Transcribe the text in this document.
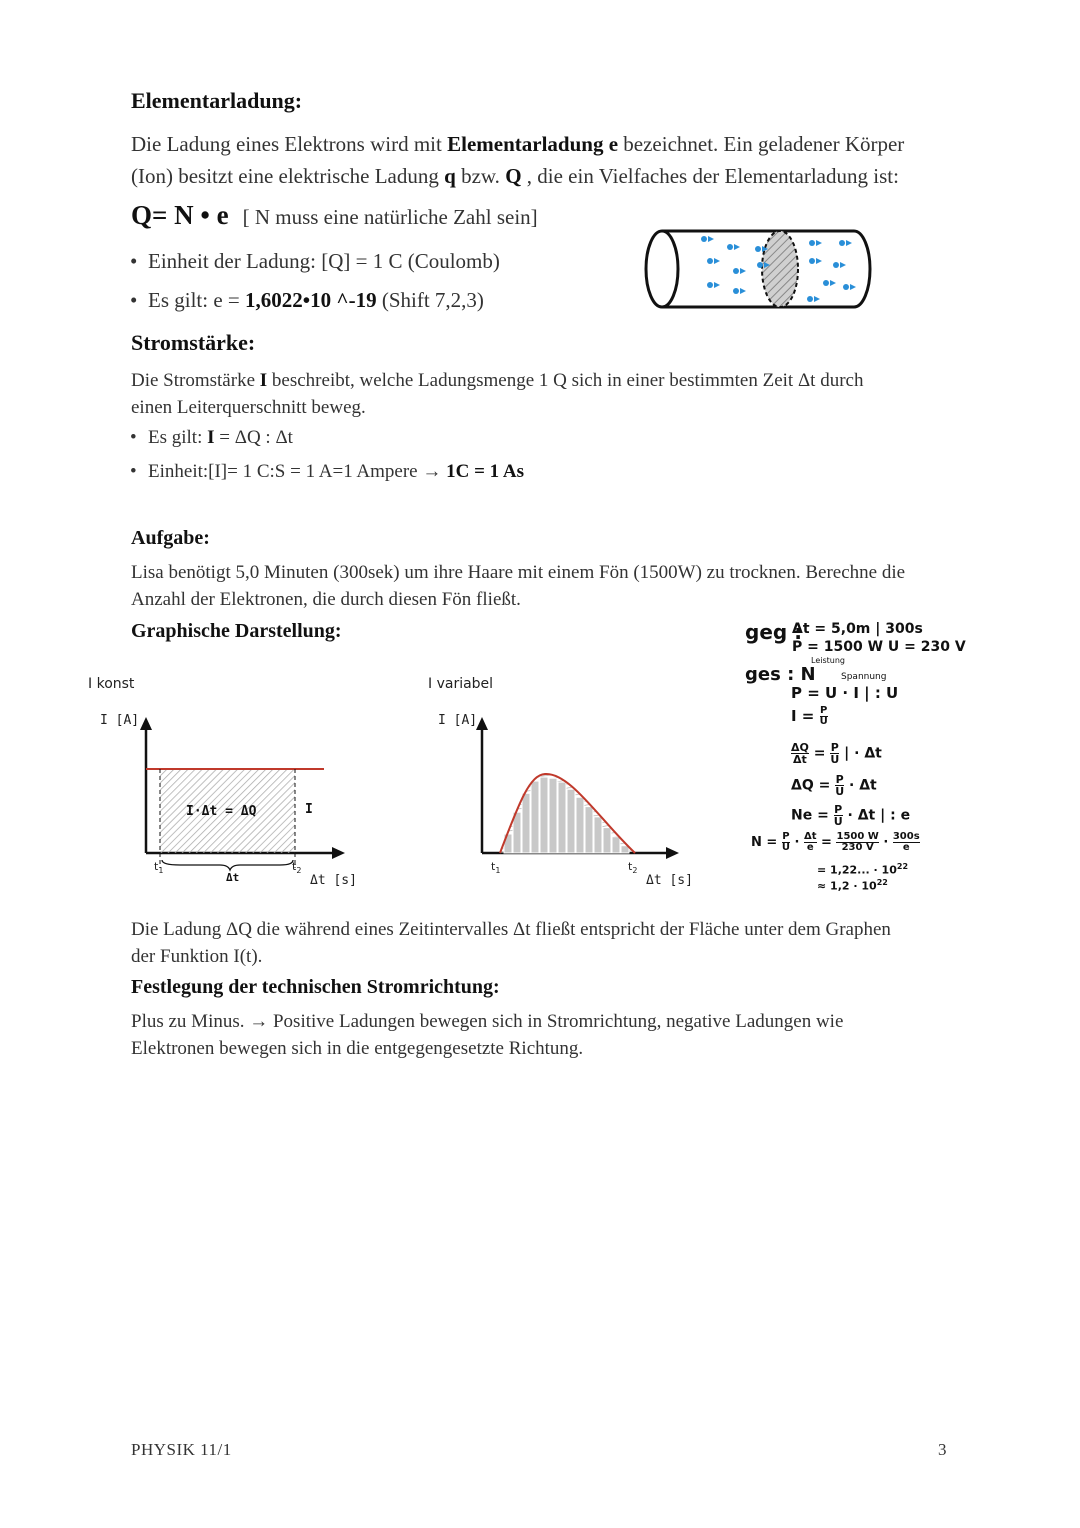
Elementarladung:
Die Ladung eines Elektrons wird mit Elementarladung e bezeichnet. Ein geladener Körper
(Ion) besitzt eine elektrische Ladung q bzw. Q , die ein Vielfaches der Elementarladung ist:
Q= N • e [ N muss eine natürliche Zahl sein]
• Einheit der Ladung: [Q] = 1 C (Coulomb)
• Es gilt: e = 1,6022•10 ^-19 (Shift 7,2,3)
Stromstärke:
Die Stromstärke I beschreibt, welche Ladungsmenge 1 Q sich in einer bestimmten Zeit Δt durch
einen Leiterquerschnitt beweg.
• Es gilt: I = ΔQ : Δt
• Einheit:[I]= 1 C:S = 1 A=1 Ampere → 1C = 1 As
Aufgabe:
Lisa benötigt 5,0 Minuten (300sek) um ihre Haare mit einem Fön (1500W) zu trocknen. Berechne die
Anzahl der Elektronen, die durch diesen Fön fließt.
Graphische Darstellung:
I konst
I [A]
I·Δt = ΔQ	I
$t_1$	$t_2$
Δt	Δt [s]
I variabel
I [A]
$t_1$	$t_2$
Δt [s]
geg :
Δt = 5,0m | 300s
P = 1500 W U = 230 V
Leistung
ges : N	Spannung
P = U · I | : U
$I = \frac{P}{U}$
$\frac{\Delta Q}{\Delta t} = \frac{P}{U}$ | · Δt
$\Delta Q = \frac{P}{U} \cdot \Delta t$
$Ne = \frac{P}{U} \cdot \Delta t$ | : e
$N = \frac{P}{U} \cdot \frac{\Delta t}{e} = \frac{1500 W}{230 V} \cdot \frac{300s}{e}$
= 1,22... · $10^{22}$
≈ $1,2 \cdot 10^{22}$
Die Ladung ΔQ die während eines Zeitintervalles Δt fließt entspricht der Fläche unter dem Graphen
der Funktion I(t).
Festlegung der technischen Stromrichtung:
Plus zu Minus. → Positive Ladungen bewegen sich in Stromrichtung, negative Ladungen wie
Elektronen bewegen sich in die entgegengesetzte Richtung.
PHYSIK 11/1	3
